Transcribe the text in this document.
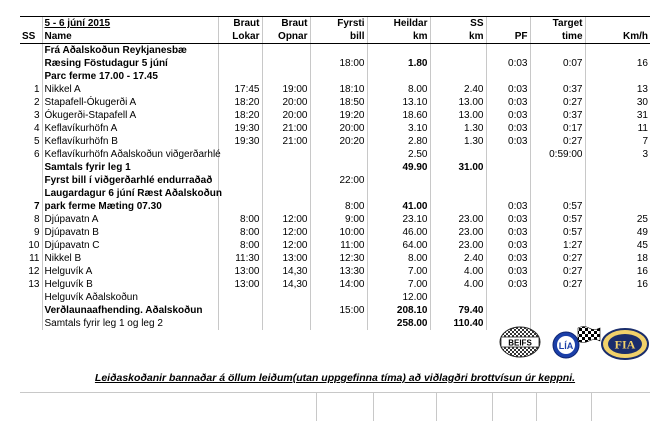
	5 - 6 júní 2015	Braut	Braut	Fyrsti	Heildar	SS		Target	
SS	Name	Lokar	Opnar	bill	km	km	PF	time	Km/h
	Frá Aðalskoðun Reykjanesbæ								
	Ræsing Föstudagur 5 júní			18:00	1.80		0:03	0:07	16
	Parc ferme 17.00 - 17.45								
1	Nikkel A	17:45	19:00	18:10	8.00	2.40	0:03	0:37	13
2	Stapafell-Ókugerði A	18:20	20:00	18:50	13.10	13.00	0:03	0:27	30
3	Ókugerði-Stapafell A	18:20	20:00	19:20	18.60	13.00	0:03	0:37	31
4	Keflavíkurhöfn A	19:30	21:00	20:00	3.10	1.30	0:03	0:17	11
5	Keflavíkurhöfn B	19:30	21:00	20:20	2.80	1.30	0:03	0:27	7
6	Keflavíkurhöfn Aðalskoðun viðgerðarhlé				2.50			0:59:00	3
	Samtals fyrir leg 1				49.90	31.00			
	Fyrst bill í viðgerðarhlé endurraðað			22:00					
	Laugardagur 6 júní Ræst Aðalskoðun								
7	park ferme Mæting 07.30			8:00	41.00		0:03	0:57	
8	Djúpavatn A	8:00	12:00	9:00	23.10	23.00	0:03	0:57	25
9	Djúpavatn B	8:00	12:00	10:00	46.00	23.00	0:03	0:57	49
10	Djúpavatn C	8:00	12:00	11:00	64.00	23.00	0:03	1:27	45
11	Nikkel B	11:30	13:00	12:30	8.00	2.40	0:03	0:27	18
12	Helguvík A	13:00	14,30	13:30	7.00	4.00	0:03	0:27	16
13	Helguvík B	13:00	14,30	14:00	7.00	4.00	0:03	0:27	16
	Helguvík Aðalskoðun				12.00				
	Verðlaunaafhending. Aðalskoðun			15:00	208.10	79.40			
	Samtals fyrir leg 1 og leg 2				258.00	110.40			
BEIFS	LÍA	FIA
Leiðaskoðanir bannaðar á öllum leiðum(utan uppgefinna tíma) að viðlagðri brottvísun úr keppni.
